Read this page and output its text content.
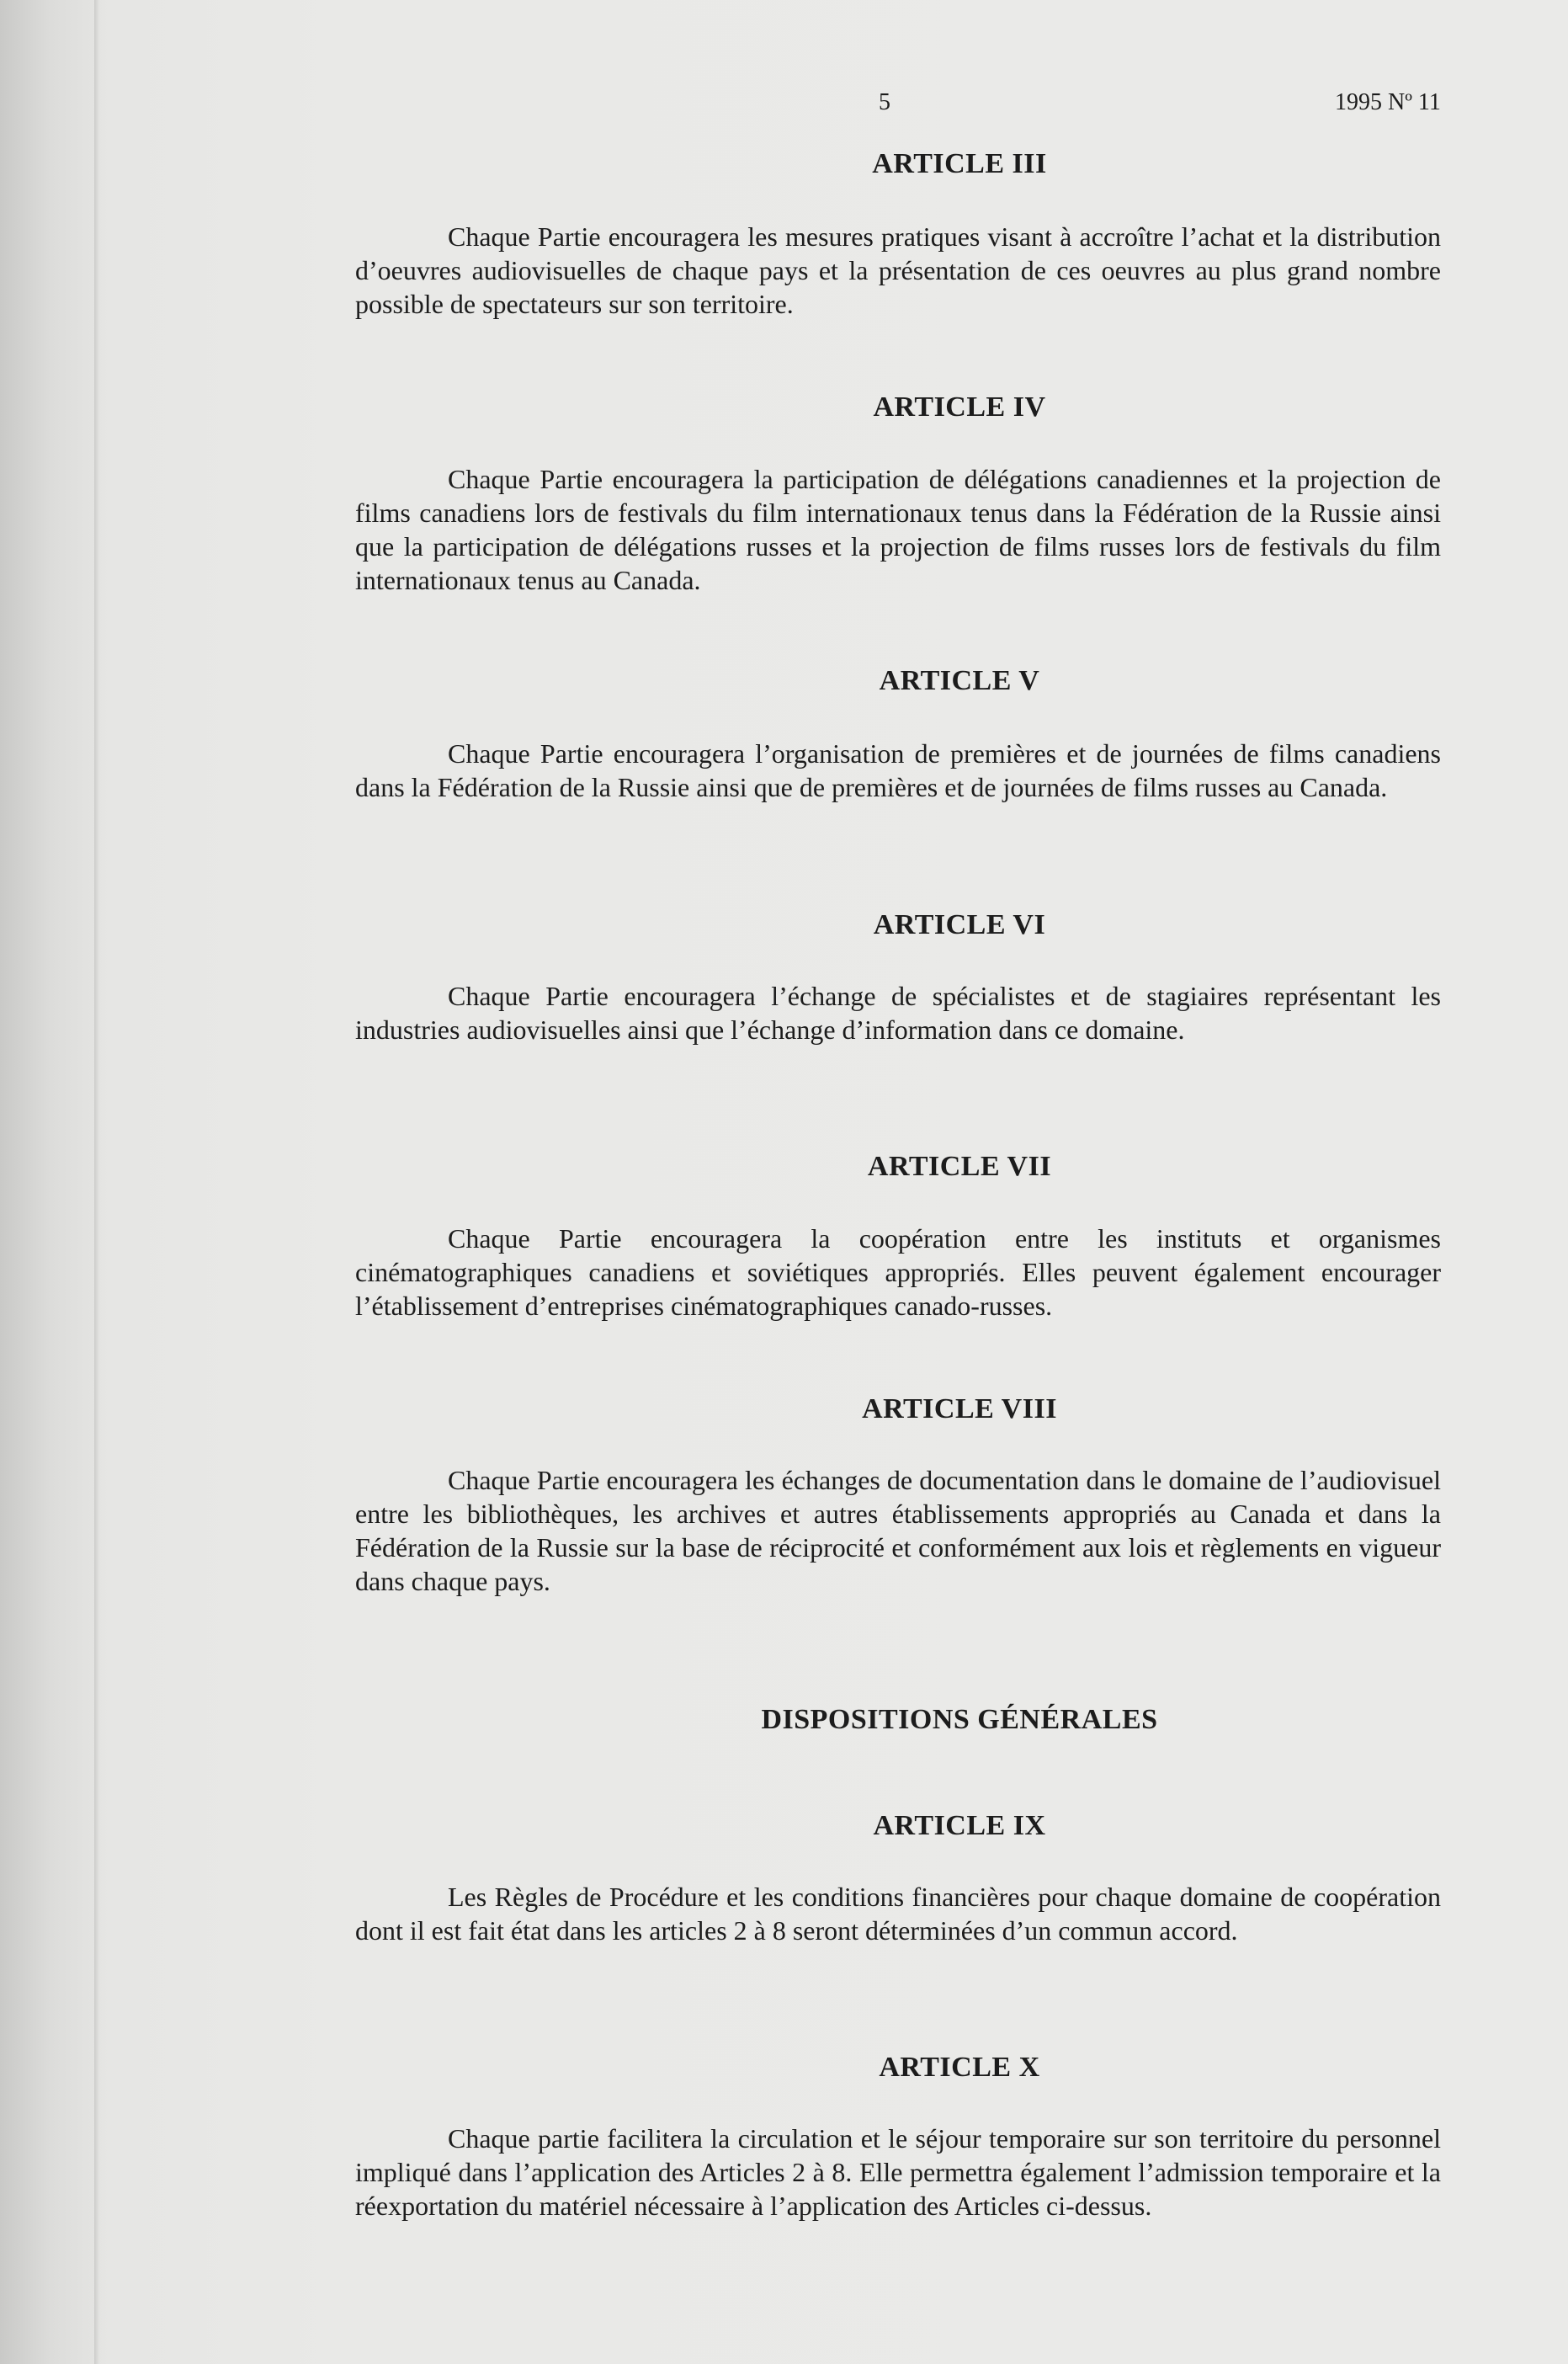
5	1995 Nº 11
ARTICLE III

Chaque Partie encouragera les mesures pratiques visant à accroître l’achat et la distribution d’oeuvres audiovisuelles de chaque pays et la présentation de ces oeuvres au plus grand nombre possible de spectateurs sur son territoire.

ARTICLE IV

Chaque Partie encouragera la participation de délégations canadiennes et la projection de films canadiens lors de festivals du film internationaux tenus dans la Fédération de la Russie ainsi que la participation de délégations russes et la projection de films russes lors de festivals du film internationaux tenus au Canada.

ARTICLE V

Chaque Partie encouragera l’organisation de premières et de journées de films canadiens dans la Fédération de la Russie ainsi que de premières et de journées de films russes au Canada.

ARTICLE VI

Chaque Partie encouragera l’échange de spécialistes et de stagiaires représentant les industries audiovisuelles ainsi que l’échange d’information dans ce domaine.

ARTICLE VII

Chaque Partie encouragera la coopération entre les instituts et organismes cinématographiques canadiens et soviétiques appropriés. Elles peuvent également encourager l’établissement d’entreprises cinématographiques canado-russes.

ARTICLE VIII

Chaque Partie encouragera les échanges de documentation dans le domaine de l’audiovisuel entre les bibliothèques, les archives et autres établissements appropriés au Canada et dans la Fédération de la Russie sur la base de réciprocité et conformément aux lois et règlements en vigueur dans chaque pays.

DISPOSITIONS GÉNÉRALES
ARTICLE IX

Les Règles de Procédure et les conditions financières pour chaque domaine de coopération dont il est fait état dans les articles 2 à 8 seront déterminées d’un commun accord.

ARTICLE X

Chaque partie facilitera la circulation et le séjour temporaire sur son territoire du personnel impliqué dans l’application des Articles 2 à 8. Elle permettra également l’admission temporaire et la réexportation du matériel nécessaire à l’application des Articles ci-dessus.
